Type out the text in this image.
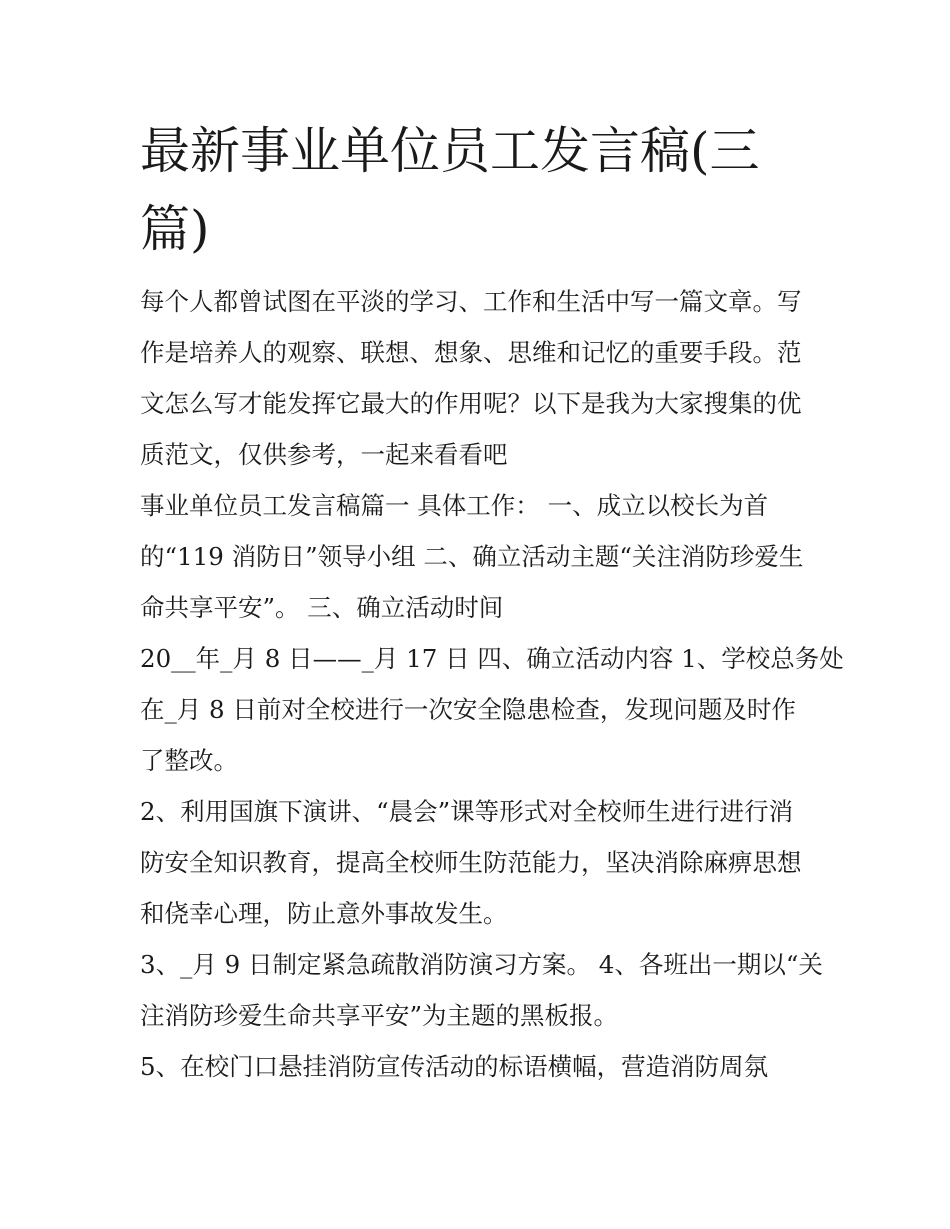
最新事业单位员工发言稿(三
篇)
每个人都曾试图在平淡的学习、工作和生活中写一篇文章。写
作是培养人的观察、联想、想象、思维和记忆的重要手段。范
文怎么写才能发挥它最大的作用呢？以下是我为大家搜集的优
质范文，仅供参考，一起来看看吧
事业单位员工发言稿篇一 具体工作： 一、成立以校长为首
的“119 消防日”领导小组 二、确立活动主题“关注消防珍爱生
命共享平安”。 三、确立活动时间
20__年_月 8 日——_月 17 日 四、确立活动内容 1、学校总务处
在_月 8 日前对全校进行一次安全隐患检查，发现问题及时作
了整改。
2、利用国旗下演讲、“晨会”课等形式对全校师生进行进行消
防安全知识教育，提高全校师生防范能力，坚决消除麻痹思想
和侥幸心理，防止意外事故发生。
3、_月 9 日制定紧急疏散消防演习方案。 4、各班出一期以“关
注消防珍爱生命共享平安”为主题的黑板报。
5、在校门口悬挂消防宣传活动的标语横幅，营造消防周氛
